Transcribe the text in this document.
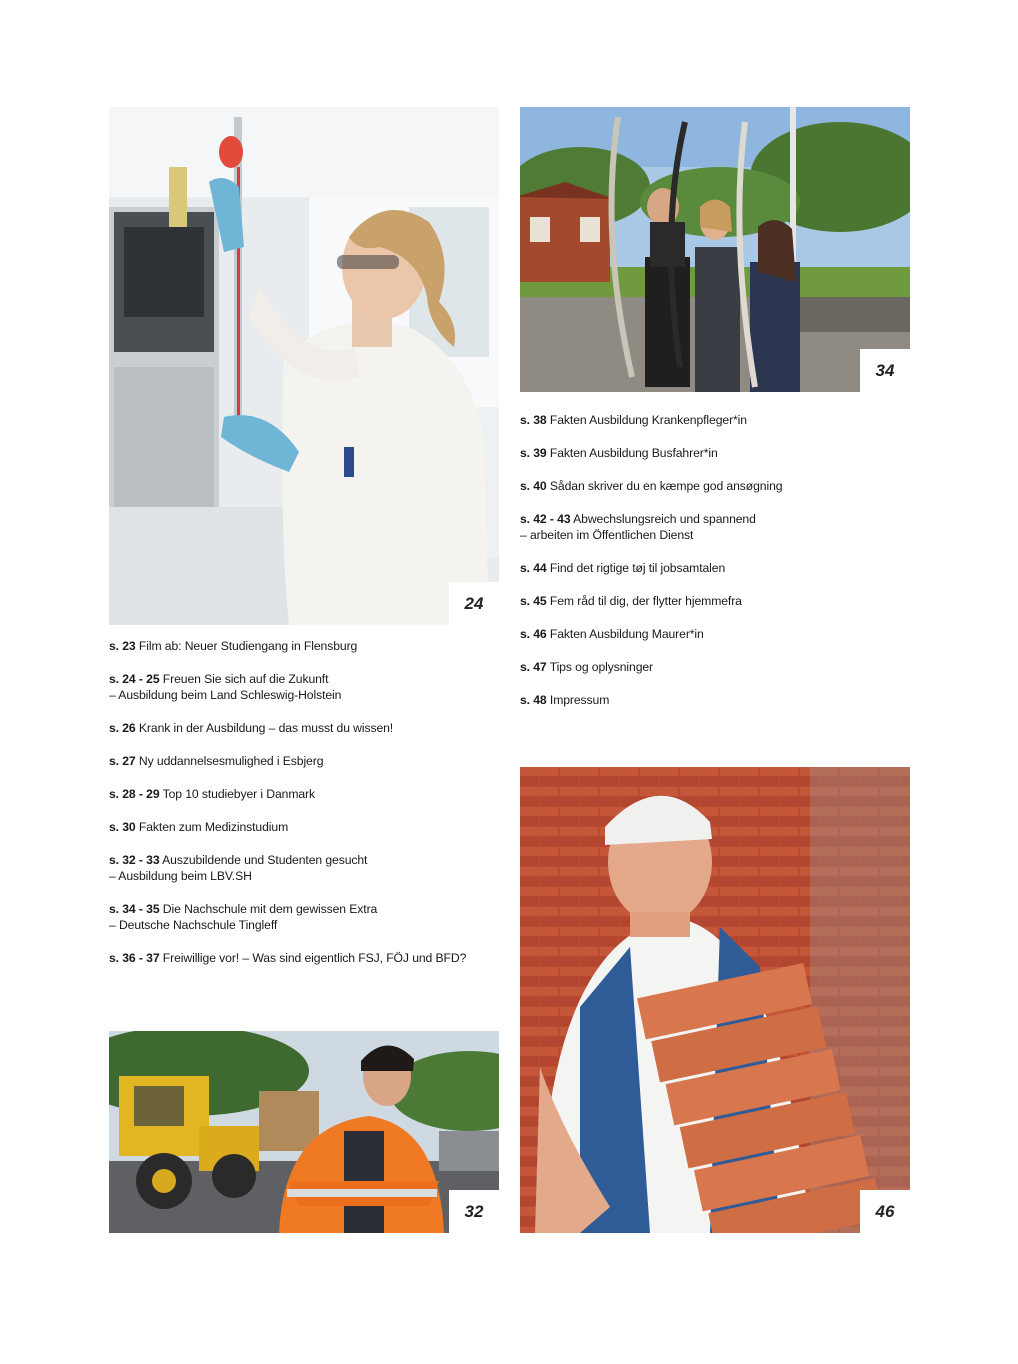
24
34
s. 23 Film ab: Neuer Studiengang in Flensburg
s. 24 - 25 Freuen Sie sich auf die Zukunft
– Ausbildung beim Land Schleswig-Holstein
s. 26 Krank in der Ausbildung – das musst du wissen!
s. 27 Ny uddannelsesmulighed i Esbjerg
s. 28 - 29 Top 10 studiebyer i Danmark
s. 30 Fakten zum Medizinstudium
s. 32 - 33 Auszubildende und Studenten gesucht
– Ausbildung beim LBV.SH
s. 34 - 35 Die Nachschule mit dem gewissen Extra
– Deutsche Nachschule Tingleff
s. 36 - 37 Freiwillige vor! – Was sind eigentlich FSJ, FÖJ und BFD?
s. 38 Fakten Ausbildung Krankenpfleger*in
s. 39 Fakten Ausbildung Busfahrer*in
s. 40 Sådan skriver du en kæmpe god ansøgning
s. 42 - 43 Abwechslungsreich und spannend
– arbeiten im Öffentlichen Dienst
s. 44 Find det rigtige tøj til jobsamtalen
s. 45 Fem råd til dig, der flytter hjemmefra
s. 46 Fakten Ausbildung Maurer*in
s. 47 Tips og oplysninger
s. 48 Impressum
32	46
